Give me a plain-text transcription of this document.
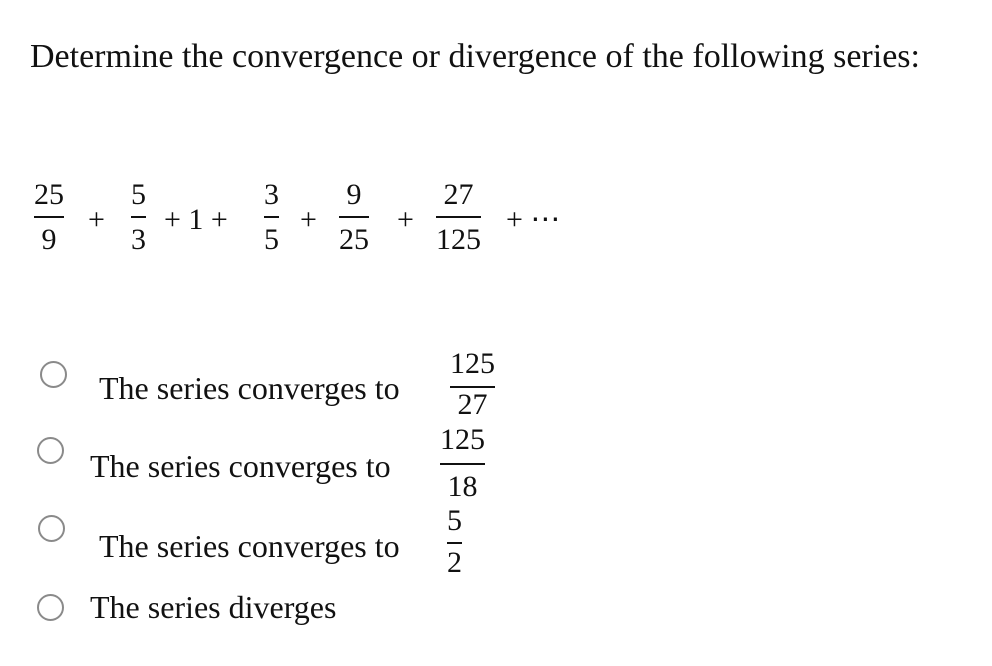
Determine the convergence or divergence of the following series:
25
9
+
5
3
+ 1 +
3
5
+
9
25
+
27
125
+ ⋯
The series converges to
125
27
The series converges to
125
18
The series converges to
5
2
The series diverges
